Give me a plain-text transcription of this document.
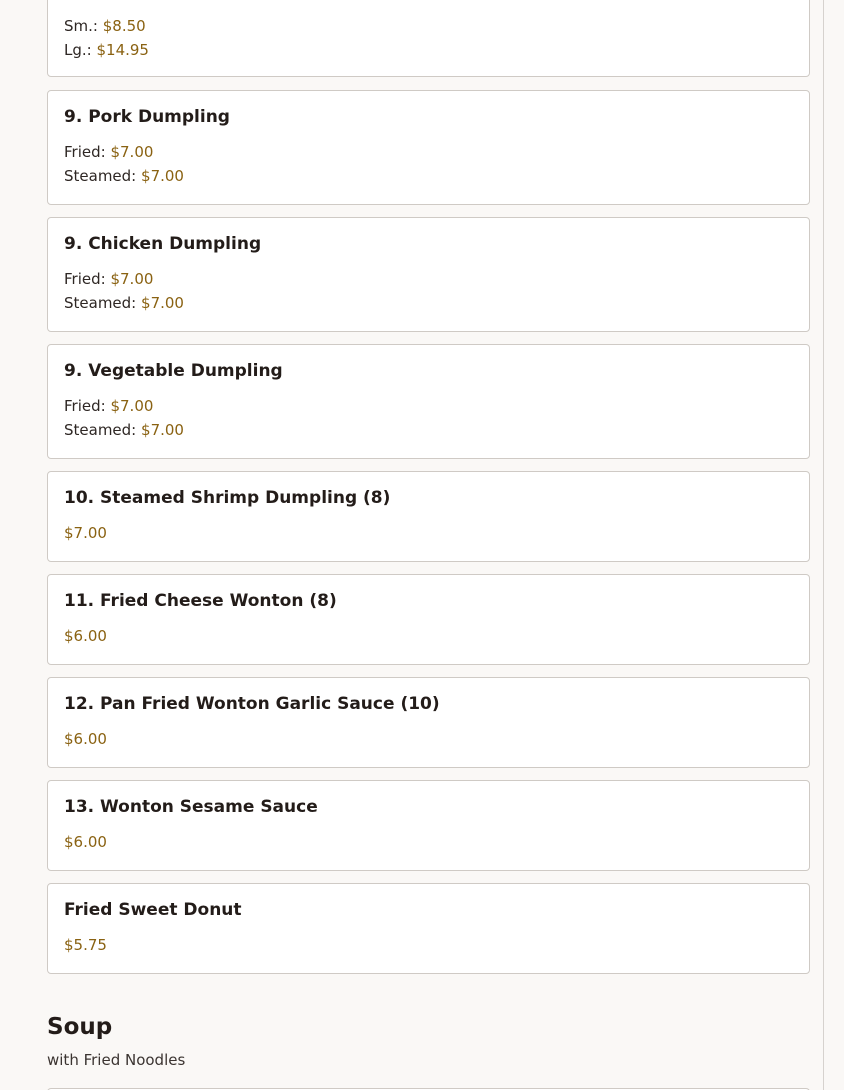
Sm.: $8.50
Lg.: $14.95
9. Pork Dumpling
Fried: $7.00
Steamed: $7.00
9. Chicken Dumpling
Fried: $7.00
Steamed: $7.00
9. Vegetable Dumpling
Fried: $7.00
Steamed: $7.00
10. Steamed Shrimp Dumpling (8)
$7.00
11. Fried Cheese Wonton (8)
$6.00
12. Pan Fried Wonton Garlic Sauce (10)
$6.00
13. Wonton Sesame Sauce
$6.00
Fried Sweet Donut
$5.75
Soup
with Fried Noodles
